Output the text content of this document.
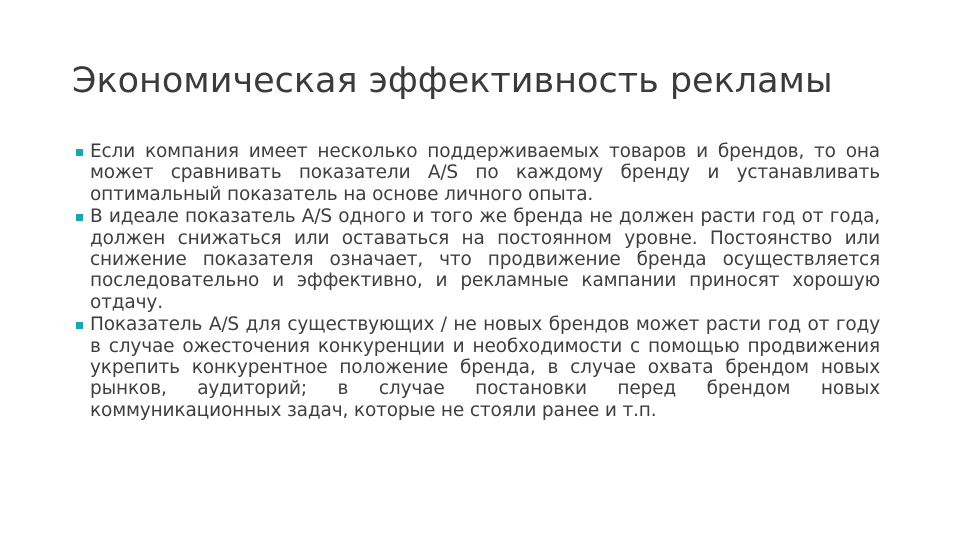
Экономическая эффективность рекламы
Если компания имеет несколько поддерживаемых товаров и брендов, то она может сравнивать показатели А/S по каждому бренду и устанавливать оптимальный показатель на основе личного опыта.
В идеале показатель А/S одного и того же бренда не должен расти год от года, должен снижаться или оставаться на постоянном уровне. Постоянство или снижение показателя означает, что продвижение бренда осуществляется последовательно и эффективно, и рекламные кампании приносят хорошую отдачу.
Показатель А/S для существующих / не новых брендов может расти год от году в случае ожесточения конкуренции и необходимости с помощью продвижения укрепить конкурентное положение бренда, в случае охвата брендом новых рынков, аудиторий; в случае постановки перед брендом новых коммуникационных задач, которые не стояли ранее и т.п.
